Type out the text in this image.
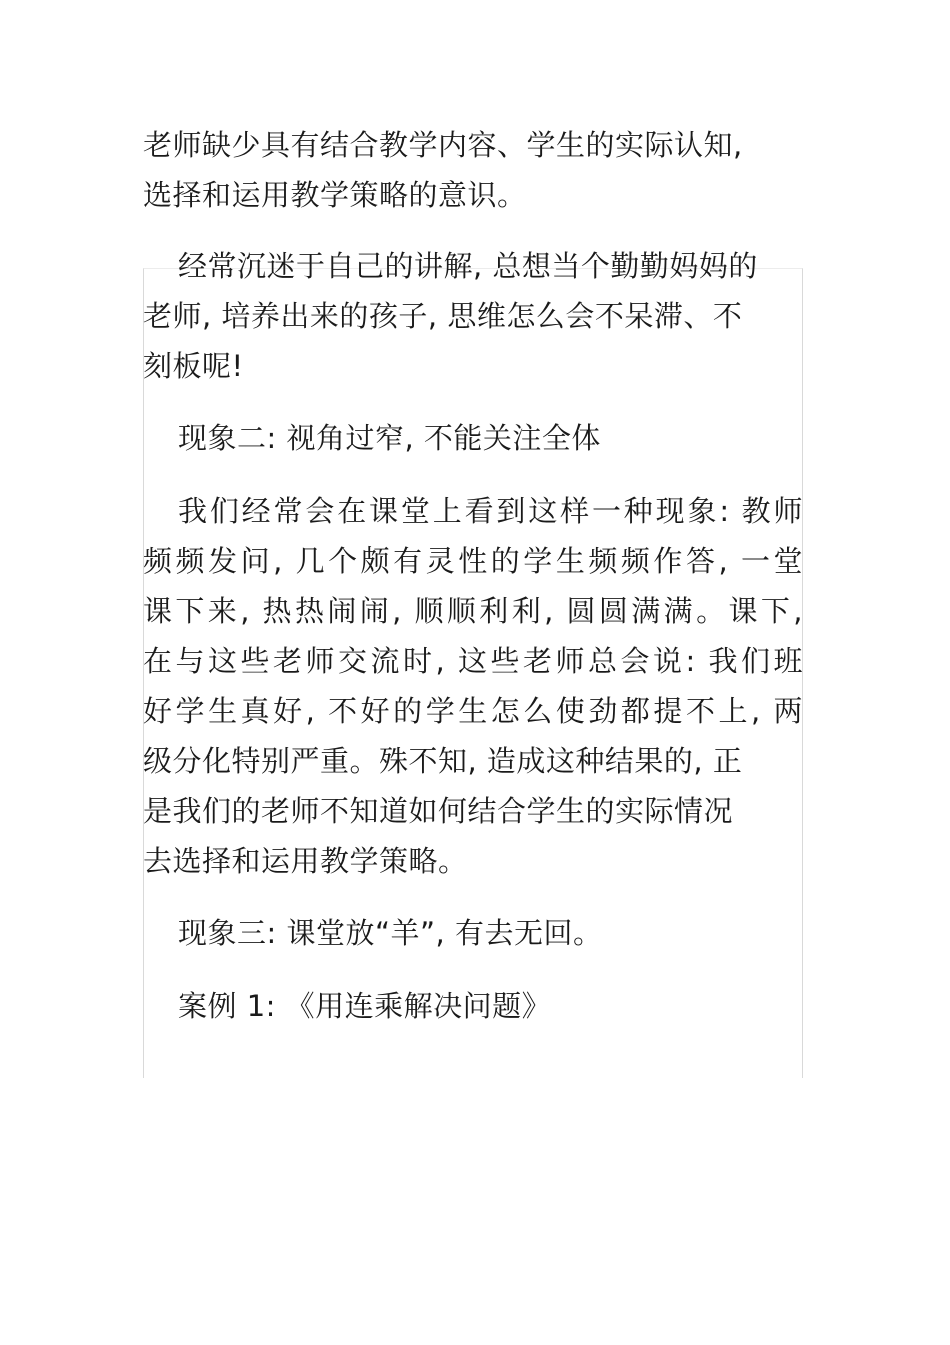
老师缺少具有结合教学内容、学生的实际认知,
选择和运用教学策略的意识。
经常沉迷于自己的讲解, 总想当个勤勤妈妈的
老师, 培养出来的孩子, 思维怎么会不呆滞、不
刻板呢!
现象二: 视角过窄, 不能关注全体
我们经常会在课堂上看到这样一种现象: 教师
频频发问, 几个颇有灵性的学生频频作答, 一堂
课下来, 热热闹闹, 顺顺利利, 圆圆满满。课下,
在与这些老师交流时, 这些老师总会说: 我们班
好学生真好, 不好的学生怎么使劲都提不上, 两
级分化特别严重。殊不知, 造成这种结果的, 正
是我们的老师不知道如何结合学生的实际情况
去选择和运用教学策略。
现象三: 课堂放“羊”, 有去无回。
案例 1: 《用连乘解决问题》
